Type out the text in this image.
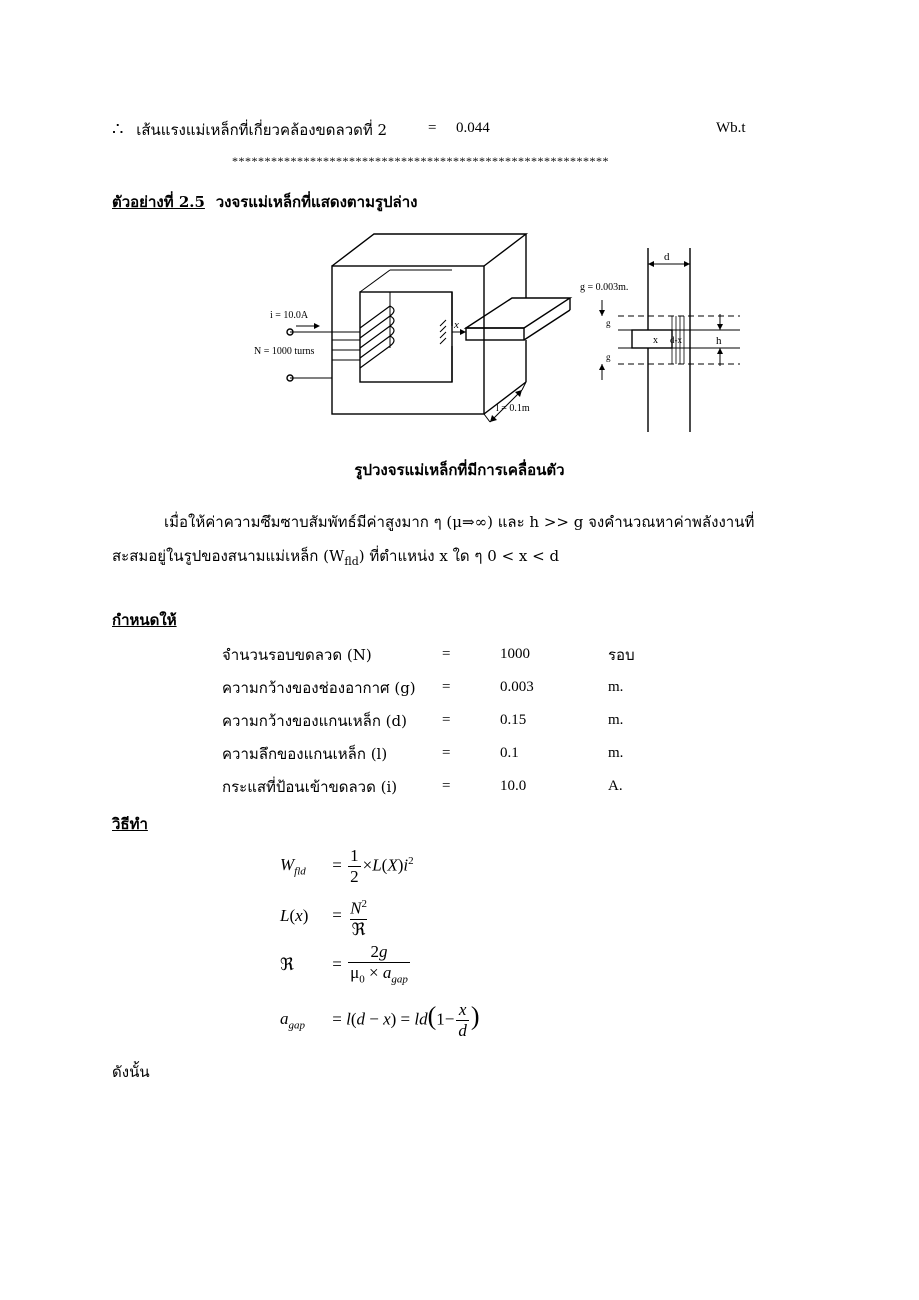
∴ เส้นแรงแม่เหล็กที่เกี่ยวคล้องขดลวดที่ 2	= 0.044	Wb.t
**********************************************************
ตัวอย่างที่ 2.5 วงจรแม่เหล็กที่แสดงตามรูปล่าง
i = 10.0A
N = 1000 turns
x
l = 0.1m
g = 0.003m.
d
h
x d-x
g
g
รูปวงจรแม่เหล็กที่มีการเคลื่อนตัว
เมื่อให้ค่าความซึมซาบสัมพัทธ์มีค่าสูงมาก ๆ (μ⇒∞) และ h >> g จงคำนวณหาค่าพลังงานที่
สะสมอยู่ในรูปของสนามแม่เหล็ก $(W_{fld})$ ที่ตำแหน่ง x ใด ๆ 0 < x < d
กำหนดให้
จำนวนรอบขดลวด (N)	=	1000	รอบ
ความกว้างของช่องอากาศ (g)	=	0.003	m.
ความกว้างของแกนเหล็ก (d)	=	0.15	m.
ความลึกของแกนเหล็ก (l)	=	0.1	m.
กระแสที่ป้อนเข้าขดลวด (i)	=	10.0	A.
วิธีทำ
$W_{fld} = \frac{1}{2} \times L(X)i^2$
$L(x) = \frac{N^2}{\text{ℜ}}$
ℜ = $\frac{2g}{\mu_0 \times a_{gap}}$
$a_{gap} = l(d - x) = ld(1- \frac{x}{d}$ )
ดังนั้น
